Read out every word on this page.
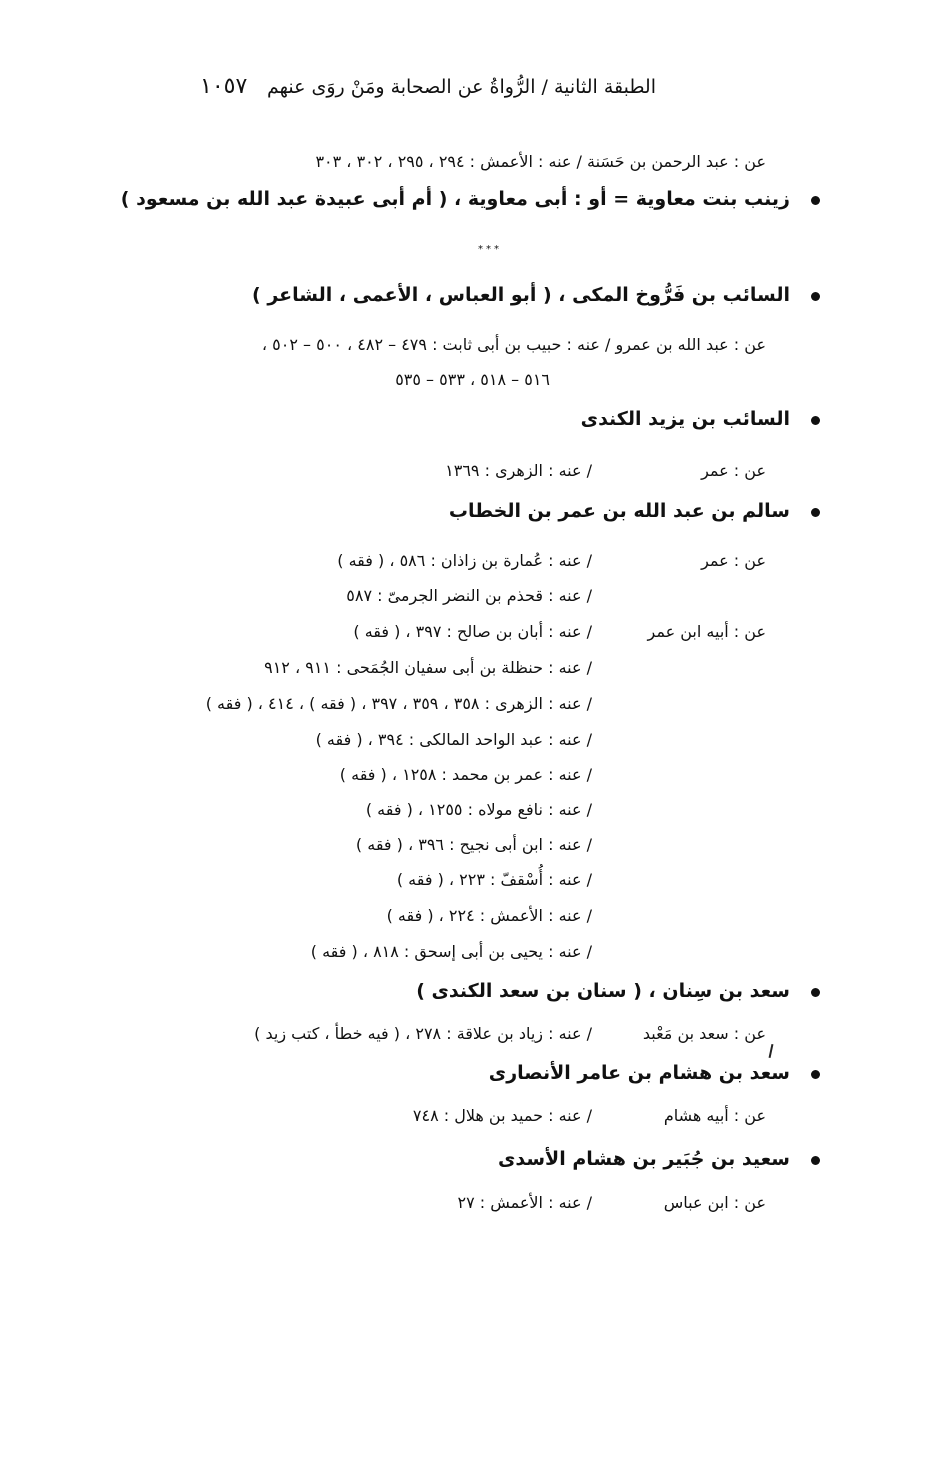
١٠٥٧ الطبقة الثانية / الرُّواةُ عن الصحابة ومَنْ روَى عنهم
عن : عبد الرحمن بن حَسَنة / عنه : الأعمش : ٢٩٤ ، ٢٩٥ ، ٣٠٢ ، ٣٠٣
زينب بنت معاوية = أو : أبى معاوية ، ( أم أبى عبيدة عبد الله بن مسعود )
***
السائب بن فَرُّوخ المكى ، ( أبو العباس ، الأعمى ، الشاعر )
عن : عبد الله بن عمرو / عنه : حبيب بن أبى ثابت : ٤٧٩ – ٤٨٢ ، ٥٠٠ – ٥٠٢ ،
٥١٦ – ٥١٨ ، ٥٣٣ – ٥٣٥
السائب بن يزيد الكندى
عن : عمر
/ عنه : الزهرى : ١٣٦٩
سالم بن عبد الله بن عمر بن الخطاب
عن : عمر
/ عنه : عُمارة بن زاذان : ٥٨٦ ، ( فقه )
/ عنه : قحذم بن النضر الجرمىّ : ٥٨٧
عن : أبيه ابن عمر
/ عنه : أبان بن صالح : ٣٩٧ ، ( فقه )
/ عنه : حنظلة بن أبى سفيان الجُمَحى : ٩١١ ، ٩١٢
/ عنه : الزهرى : ٣٥٨ ، ٣٥٩ ، ٣٩٧ ، ( فقه ) ، ٤١٤ ، ( فقه )
/ عنه : عبد الواحد المالكى : ٣٩٤ ، ( فقه )
/ عنه : عمر بن محمد : ١٢٥٨ ، ( فقه )
/ عنه : نافع مولاه : ١٢٥٥ ، ( فقه )
/ عنه : ابن أبى نجيح : ٣٩٦ ، ( فقه )
/ عنه : أُسْقفّ : ٢٢٣ ، ( فقه )
/ عنه : الأعمش : ٢٢٤ ، ( فقه )
/ عنه : يحيى بن أبى إسحق : ٨١٨ ، ( فقه )
سعد بن سِنان ، ( سنان بن سعد الكندى )
عن : سعد بن مَعْبد
/ عنه : زياد بن علاقة : ٢٧٨ ، ( فيه خطأ ، كتب زيد )
سعد بن هشام بن عامر الأنصارى
عن : أبيه هشام
/ عنه : حميد بن هلال : ٧٤٨
سعيد بن جُبَير بن هشام الأسدى
عن : ابن عباس
/ عنه : الأعمش : ٢٧
